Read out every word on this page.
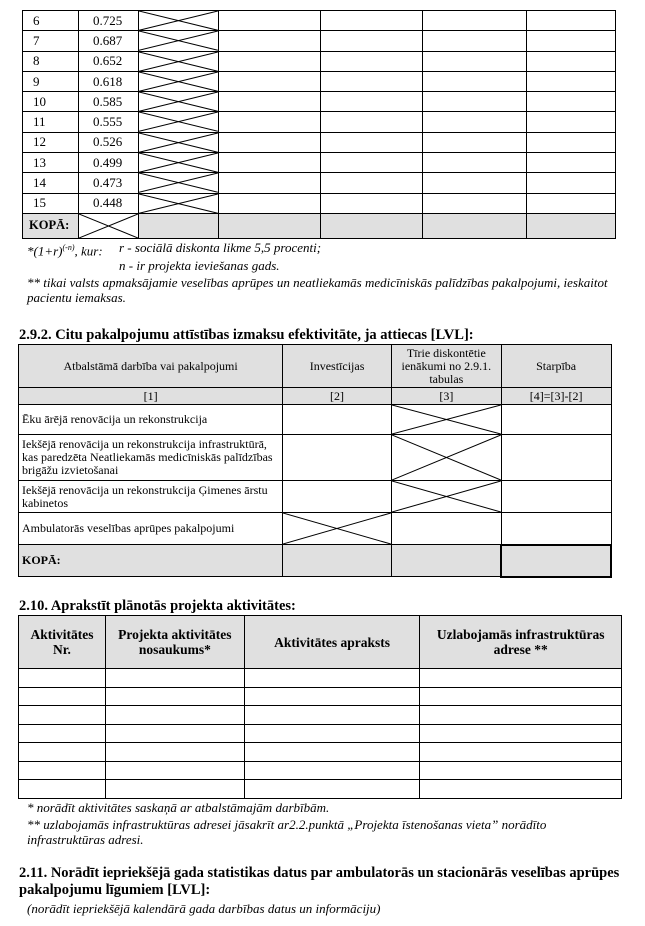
6	0.725	

7	0.687	

8	0.652	

9	0.618	

10	0.585	

11	0.555	

12	0.526	

13	0.499	

14	0.473	

15	0.448	

KOPĀ:	

$*(1+r)^{(-n)}$, kur: r - sociālā diskonta likme 5,5 procenti;
n - ir projekta ieviešanas gads.
** tikai valsts apmaksājamie veselības aprūpes un neatliekamās medicīniskās palīdzības pakalpojumi, ieskaitot pacientu iemaksas.
2.9.2. Citu pakalpojumu attīstības izmaksu efektivitāte, ja attiecas [LVL]:
Atbalstāmā darbība vai pakalpojumi	Investīcijas	Tīrie diskontētie ienākumi no 2.9.1. tabulas	Starpība
[1]	[2]	[3]	[4]=[3]-[2]
Ēku ārējā renovācija un rekonstrukcija		

Iekšējā renovācija un rekonstrukcija infrastruktūrā, kas paredzēta Neatliekamās medicīniskās palīdzības brigāžu izvietošanai		

Iekšējā renovācija un rekonstrukcija Ģimenes ārstu kabinetos		

Ambulatorās veselības aprūpes pakalpojumi	

KOPĀ:			
2.10. Aprakstīt plānotās projekta aktivitātes:
Aktivitātes Nr.	Projekta aktivitātes nosaukums*	Aktivitātes apraksts	Uzlabojamās infrastruktūras adrese **

* norādīt aktivitātes saskaņā ar atbalstāmajām darbībām.
** uzlabojamās infrastruktūras adresei jāsakrīt ar2.2.punktā „Projekta īstenošanas vieta” norādīto infrastruktūras adresi.
2.11. Norādīt iepriekšējā gada statistikas datus par ambulatorās un stacionārās veselības aprūpes pakalpojumu līgumiem [LVL]:
(norādīt iepriekšējā kalendārā gada darbības datus un informāciju)
